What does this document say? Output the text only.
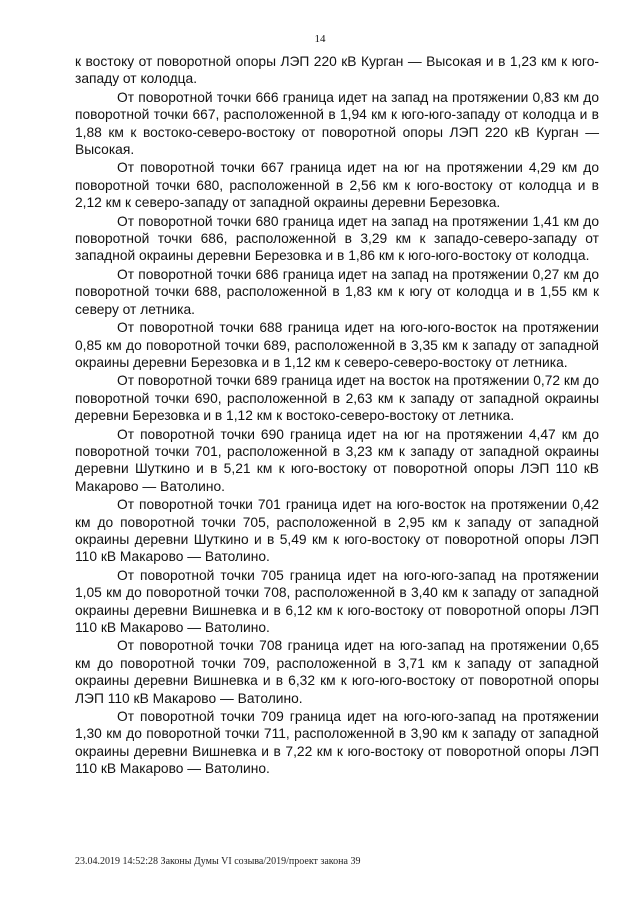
14

к востоку от поворотной опоры ЛЭП 220 кВ Курган — Высокая и в 1,23 км к юго-западу от колодца.

От поворотной точки 666 граница идет на запад на протяжении 0,83 км до поворотной точки 667, расположенной в 1,94 км к юго-юго-западу от колодца и в 1,88 км к востоко-северо-востоку от поворотной опоры ЛЭП 220 кВ Курган — Высокая.

От поворотной точки 667 граница идет на юг на протяжении 4,29 км до поворотной точки 680, расположенной в 2,56 км к юго-востоку от колодца и в 2,12 км к северо-западу от западной окраины деревни Березовка.

От поворотной точки 680 граница идет на запад на протяжении 1,41 км до поворотной точки 686, расположенной в 3,29 км к западо-северо-западу от западной окраины деревни Березовка и в 1,86 км к юго-юго-востоку от колодца.

От поворотной точки 686 граница идет на запад на протяжении 0,27 км до поворотной точки 688, расположенной в 1,83 км к югу от колодца и в 1,55 км к северу от летника.

От поворотной точки 688 граница идет на юго-юго-восток на протяжении 0,85 км до поворотной точки 689, расположенной в 3,35 км к западу от западной окраины деревни Березовка и в 1,12 км к северо-северо-востоку от летника.

От поворотной точки 689 граница идет на восток на протяжении 0,72 км до поворотной точки 690, расположенной в 2,63 км к западу от западной окраины деревни Березовка и в 1,12 км к востоко-северо-востоку от летника.

От поворотной точки 690 граница идет на юг на протяжении 4,47 км до поворотной точки 701, расположенной в 3,23 км к западу от западной окраины деревни Шуткино и в 5,21 км к юго-востоку от поворотной опоры ЛЭП 110 кВ Макарово — Ватолино.

От поворотной точки 701 граница идет на юго-восток на протяжении 0,42 км до поворотной точки 705, расположенной в 2,95 км к западу от западной окраины деревни Шуткино и в 5,49 км к юго-востоку от поворотной опоры ЛЭП 110 кВ Макарово — Ватолино.

От поворотной точки 705 граница идет на юго-юго-запад на протяжении 1,05 км до поворотной точки 708, расположенной в 3,40 км к западу от западной окраины деревни Вишневка и в 6,12 км к юго-востоку от поворотной опоры ЛЭП 110 кВ Макарово — Ватолино.

От поворотной точки 708 граница идет на юго-запад на протяжении 0,65 км до поворотной точки 709, расположенной в 3,71 км к западу от западной окраины деревни Вишневка и в 6,32 км к юго-юго-востоку от поворотной опоры ЛЭП 110 кВ Макарово — Ватолино.

От поворотной точки 709 граница идет на юго-юго-запад на протяжении 1,30 км до поворотной точки 711, расположенной в 3,90 км к западу от западной окраины деревни Вишневка и в 7,22 км к юго-востоку от поворотной опоры ЛЭП 110 кВ Макарово — Ватолино.

23.04.2019 14:52:28 Законы Думы VI созыва/2019/проект закона 39
